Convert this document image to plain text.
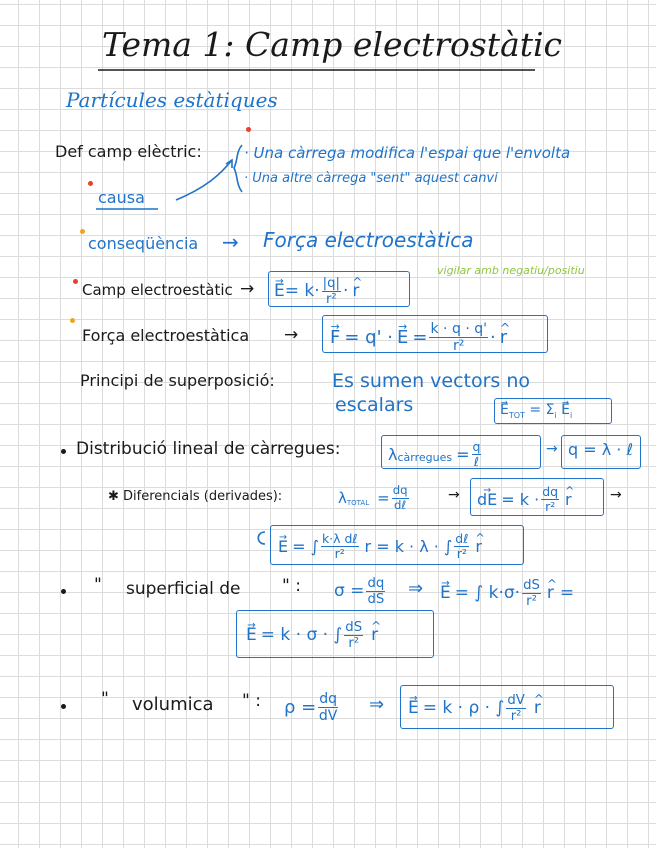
Tema 1: Camp electrostàtic
Partícules estàtiques
Def camp elèctric:	· Una càrrega modifica l'espai que l'envolta
· Una altre càrrega "sent" aquest canvi
causa
conseqüència → Força electroestàtica
Camp electroestàtic → → $E = k\cdot \frac{|q|}{\text{r²}}$ · ^ r
vigilar amb negatiu/positiu
Força electroestàtica → → F = q' · → $E = \frac{k \cdot q \cdot q'}{\text{r²}}$ · ^ r
Principi de superposició:	Es sumen vectors no
escalars	→ $E_{TOT} = \Sigma_i \to E_i$
Distribució lineal de càrregues:	λ càrregues = $\frac{q}{\text{ℓ}}$	→ q = λ · ℓ
✱ Diferencials (derivades):	λ TOTAL = $\frac{dq}{\text{dℓ}}$	→ → dE = $k \cdot \frac{dq}{\text{r²}}$ ^ r	→
→ E = ∫ $\frac{\text{k·λ dℓ}}{\text{r²}}$ r = k · λ · ∫ $\frac{\text{dℓ}}{\text{r²}}$ ^ r
" superficial de " : $\sigma = \frac{dq}{dS}$ ⇒ → E = ∫ $k\cdot\sigma\cdot \frac{dS}{\text{r²}}$ ^ r =
→ E = k · σ · ∫ $\frac{dS}{\text{r²}}$ ^ r
" volumica " : $\rho = \frac{dq}{dV}$ ⇒ → E = k · ρ · ∫ $\frac{dV}{\text{r²}}$ ^ r
